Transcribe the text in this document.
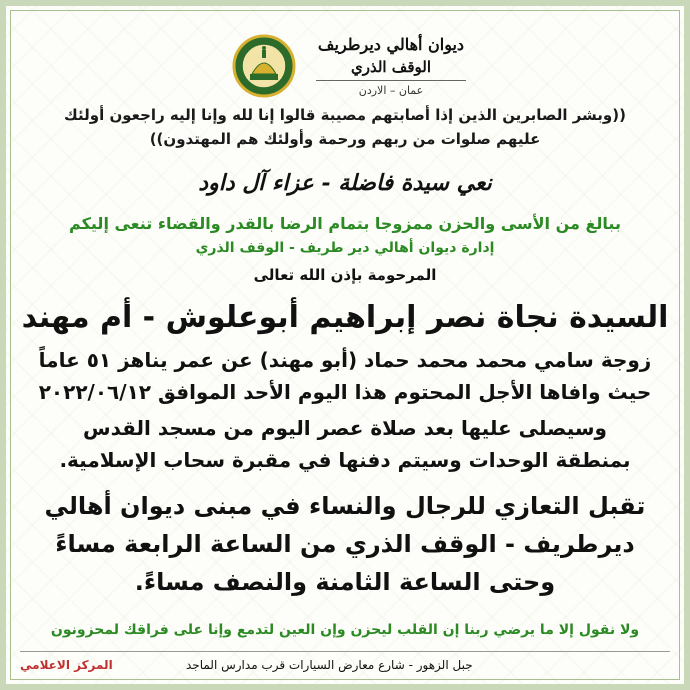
ديوان أهالي ديرطريف
الوقف الذري
عمان – الاردن
((وبشر الصابرين الذين إذا أصابتهم مصيبة قالوا إنا لله وإنا إليه راجعون أولئك
عليهم صلوات من ربهم ورحمة وأولئك هم المهتدون))
نعي سيدة فاضلة - عزاء آل داود
ببالغ من الأسى والحزن ممزوجا بتمام الرضا بالقدر والقضاء تنعى إليكم
إدارة ديوان أهالي دير طريف - الوقف الذري
المرحومة بإذن الله تعالى
السيدة نجاة نصر إبراهيم أبوعلوش - أم مهند
زوجة سامي محمد محمد حماد (أبو مهند) عن عمر يناهز ٥١ عاماً
حيث وافاها الأجل المحتوم هذا اليوم الأحد الموافق ٢٠٢٢/٠٦/١٢
وسيصلى عليها بعد صلاة عصر اليوم من مسجد القدس
بمنطقة الوحدات وسيتم دفنها في مقبرة سحاب الإسلامية.
تقبل التعازي للرجال والنساء في مبنى ديوان أهالي
ديرطريف - الوقف الذري من الساعة الرابعة مساءً
وحتى الساعة الثامنة والنصف مساءً.
ولا نقول إلا ما يرضي ربنا إن القلب ليحزن وإن العين لتدمع وإنا على فراقك لمحزونون
المركز الاعلامي	جبل الزهور - شارع معارض السيارات قرب مدارس الماجد
